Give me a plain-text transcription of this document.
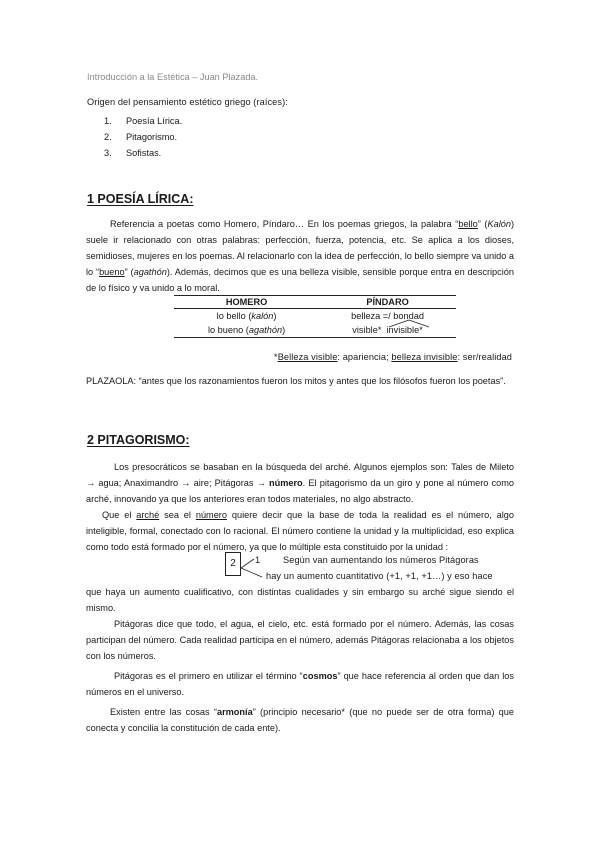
Introducción a la Estética – Juan Plazada.
Origen del pensamiento estético griego (raíces):
1. Poesía Lírica.
2. Pitagorismo.
3. Sofistas.
1 POESÍA LÍRICA:
Referencia a poetas como Homero, Píndaro… En los poemas griegos, la palabra “bello” (Kalón) suele ir relacionado con otras palabras: perfección, fuerza, potencia, etc. Se aplica a los dioses, semidioses, mujeres en los poemas. Al relacionarlo con la idea de perfección, lo bello siempre va unido a lo “bueno” (agathón). Además, decimos que es una belleza visible, sensible porque entra en descripción de lo físico y va unido a lo moral.
HOMERO	PÍNDARO
lo bello (kalón)	belleza =/ bondad
lo bueno (agathón)	visible* invisible*
*Belleza visible: apariencia; belleza invisible: ser/realidad
PLAZAOLA: “antes que los razonamientos fueron los mitos y antes que los filósofos fueron los poetas”.
2 PITAGORISMO:
Los presocráticos se basaban en la búsqueda del arché. Algunos ejemplos son: Tales de Mileto → agua; Anaximandro → aire; Pitágoras → número. El pitagorismo da un giro y pone al número como arché, innovando ya que los anteriores eran todos materiales, no algo abstracto.
Que el arché sea el número quiere decir que la base de toda la realidad es el número, algo inteligible, formal, conectado con lo racional. El número contiene la unidad y la multiplicidad, eso explica como todo está formado por el número, ya que lo múltiple esta constituido por la unidad :
2	1 Según van aumentando los números Pitágoras
hay un aumento cuantitativo (+1, +1, +1…) y eso hace
que haya un aumento cualificativo, con distintas cualidades y sin embargo su arché sigue siendo el mismo.
Pitágoras dice que todo, el agua, el cielo, etc. está formado por el número. Además, las cosas participan del número. Cada realidad participa en el número, además Pitágoras relacionaba a los objetos con los números.
Pitágoras es el primero en utilizar el término “cosmos” que hace referencia al orden que dan los números en el universo.
Existen entre las cosas “armonía” (principio necesario* (que no puede ser de otra forma) que conecta y concilia la constitución de cada ente).
